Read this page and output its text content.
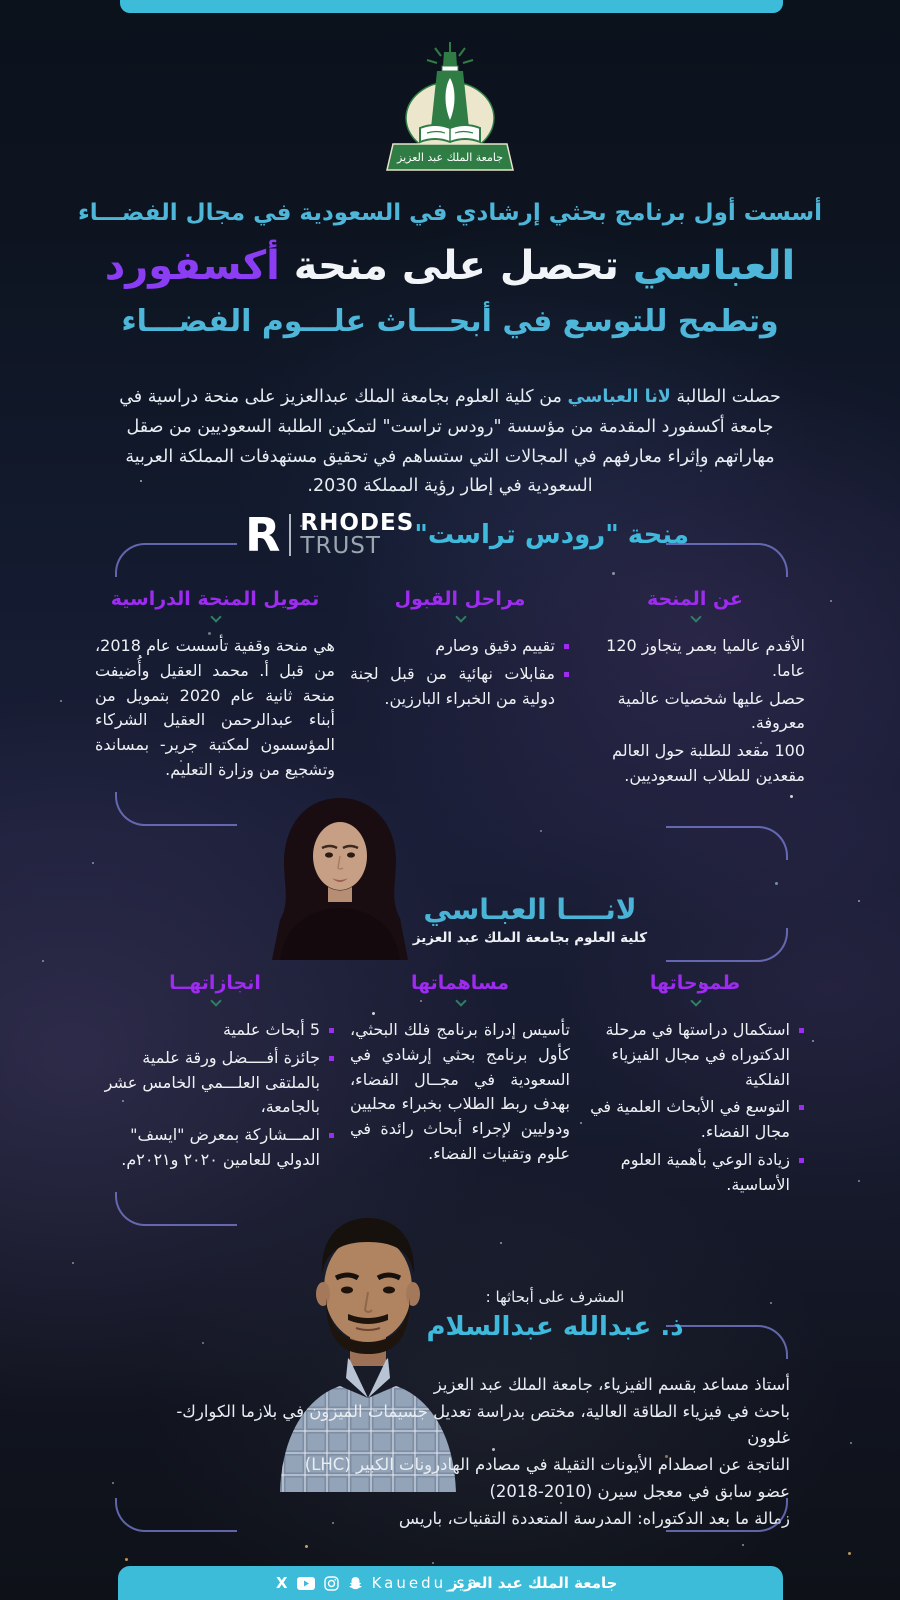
جامعة الملك عبد العزيز
أسست أول برنامج بحثي إرشادي في السعودية في مجال الفضـــاء
العباسي تحصل على منحة أكسفورد
وتطمح للتوسع في أبحـــاث علـــوم الفضـــاء

حصلت الطالبة لانا العباسي من كلية العلوم بجامعة الملك عبدالعزيز على منحة دراسية في جامعة أكسفورد المقدمة من مؤسسة "رودس تراست" لتمكين الطلبة السعوديين من صقل مهاراتهم وإثراء معارفهم في المجالات التي ستساهم في تحقيق مستهدفات المملكة العربية السعودية في إطار رؤية المملكة 2030.

R RHODES
TRUST	منحة "رودس تراست"
عن المنحة
الأقدم عالميا بعمر يتجاوز 120 عاما.
حصل عليها شخصيات عالمية معروفة.
100 مقعد للطلبة حول العالم مقعدين للطلاب السعوديين.
مراحل القبول
تقييم دقيق وصارم
مقابلات نهائية من قبل لجنة دولية من الخبراء البارزين.
تمويل المنحة الدراسية
هي منحة وقفية تأسست عام 2018، من قبل أ. محمد العقيل وأُضيفت منحة ثانية عام 2020 بتمويل من أبناء عبدالرحمن العقيل الشركاء المؤسسون لمكتبة جرير- بمساندة وتشجيع من وزارة التعليم.
لانــــا العبـاسي
كلية العلوم بجامعة الملك عبد العزيز
طموحاتها
استكمال دراستها في مرحلة الدكتوراه في مجال الفيزياء الفلكية
التوسع في الأبحاث العلمية في مجال الفضاء.
زيادة الوعي بأهمية العلوم الأساسية.
مساهماتها
تأسيس إدراة برنامج فلك البحثي، كأول برنامج بحثي إرشادي في السعودية في مجــال الفضاء، بهدف ربط الطلاب بخبراء محليين ودوليين لإجراء أبحاث رائدة في علوم وتقنيات الفضاء.
انجازاتهــا
5 أبحاث علمية
جائزة أفــــضل ورقة علمية بالملتقى العلـــمي الخامس عشر بالجامعة،
المـــشاركة بمعرض "ايسف" الدولي للعامين ٢٠٢٠ و٢٠٢١م.
المشرف على أبحاثها :
ذ. عبدالله عبدالسلام
أستاذ مساعد بقسم الفيزياء، جامعة الملك عبد العزيز
باحث في فيزياء الطاقة العالية، مختص بدراسة تعديل جسيمات الميزون في بلازما الكوارك-غلوون
الناتجة عن اصطدام الأيونات الثقيلة في مصادم الهادرونات الكبير (LHC)
عضو سابق في معجل سيرن (2010-2018)
زمالة ما بعد الدكتوراه: المدرسة المتعددة التقنيات، باريس
X	Kauedu_sa
جامعة الملك عبد العزيز
